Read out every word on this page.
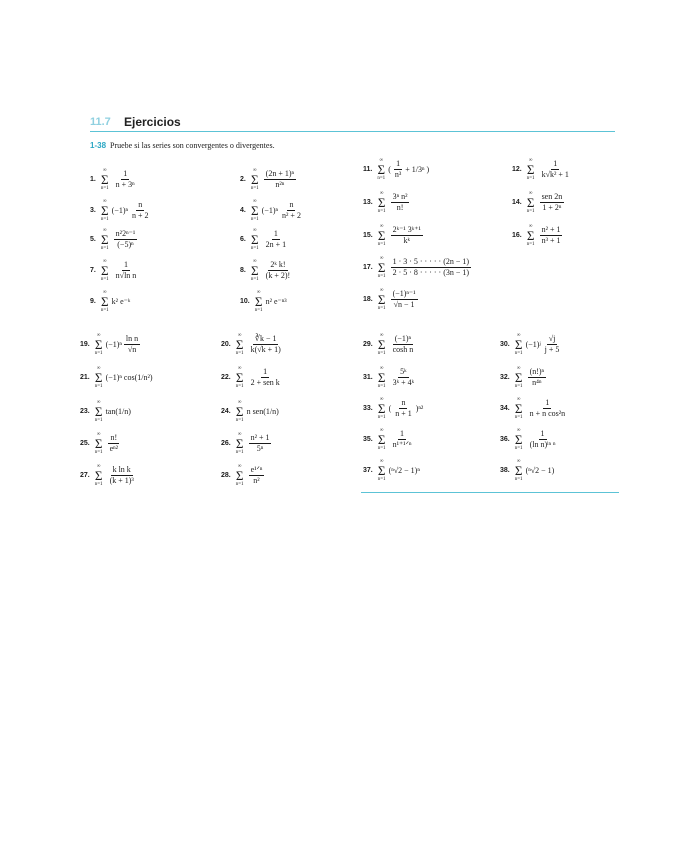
11.7 Ejercicios
1-38 Pruebe si las series son convergentes o divergentes.
1.
∞
Σ
$n=1 \frac{1}{\text{n + 3ⁿ}}$	2.
∞
Σ
$n=1 \frac{\text{(2n + 1)ⁿ}}{\text{n²ⁿ}}$
3.
∞
Σ
n=1
$(-1)^n \frac{n}{n + 2}$	4.
∞
Σ
n=1
$(-1)^n \frac{n}{\text{n² + 2}}$
5.
∞
Σ
$n=1 \frac{\text{n²2ⁿ⁻¹}}{\text{(−5)ⁿ}}$	6.
∞
Σ
$n=1 \frac{1}{2n + 1}$
7.
∞
Σ
$n=1 \frac{1}{\text{n√ln n}}$	8.
∞
Σ
$n=1 \frac{\text{2ᵏ k!}}{(k + 2)!}$
9.
∞
Σ
n=1
k² e⁻ᵏ	10.
∞
Σ
n=1
n² e⁻ⁿ³
11.
∞
Σ
n=1
( $\frac{1}{\text{n³}} + 1/3^n$ )	12.
∞
Σ
$n=1 \frac{1}{\text{k√k² + 1}}$
13.
∞
Σ
$n=1 \frac{\text{3ⁿ n²}}{n!}$	14.
∞
Σ
n=1
sen 2n
1 + 2ⁿ
15.
∞
Σ
$n=1 \frac{\text{2ᵏ⁻¹ 3ᵏ⁺¹}}{\text{kᵏ}}$	16.
∞
Σ
$n=1 \frac{\text{n² + 1}}{\text{n³ + 1}}$
17.
∞
Σ
$n=1 \frac{1 \cdot 3 \cdot 5 \cdot \cdot \cdot \cdot \cdot (2n - 1)}{2 \cdot 5 \cdot 8 \cdot \cdot \cdot \cdot \cdot (3n - 1)}$
18.
∞
Σ
$n=1 \frac{\text{(−1)ⁿ⁻¹}}{√n - 1}$
19.
∞
Σ
n=1
$(-1)^n \frac{\text{ln n}}{√n}$	20.
∞
Σ
$n=1 \frac{∛k - 1}{k(√k + 1)}$
21.
∞
Σ
n=1
(−1)ⁿ cos(1/n²)	22.
∞
Σ
n=1
1
2 + sen k
23.
∞
Σ
n=1
tan(1/n)	24.
∞
Σ
n=1
n sen(1/n)
25.
∞
Σ
$n=1 \frac{n!}{\text{eⁿ²}}$	26.
∞
Σ
$n=1 \frac{\text{n² + 1}}{\text{5ⁿ}}$
27.
∞
Σ
$n=1 \frac{\text{k ln k}}{\text{(k + 1)³}}$	28.
∞
Σ
n=1
e¹ᐟⁿ
n²
29.
∞
Σ
$n=1 \frac{\text{(−1)ⁿ}}{\text{cosh n}}$	30.
∞
Σ
n=1
(−1)ʲ $\frac{√j}{j + 5}$
31.
∞
Σ
$n=1 \frac{\text{5ᵏ}}{\text{3ᵏ + 4ᵏ}}$	32.
∞
Σ
$n=1 \frac{\text{(n!)ⁿ}}{\text{n⁴ⁿ}}$
33.
∞
Σ
n=1
( $\frac{n}{n + 1} )^{n2}$	34.
∞
Σ
$n=1 \frac{1}{\text{n + n cos²n}}$
35.
∞
Σ
n=1
1
n¹⁺¹ᐟⁿ
36.
∞
Σ
$n=1 \frac{1}{\text{(ln n)ˡⁿ ⁿ}}$
37.
∞
Σ
n=1
(ⁿ√2 − 1)ⁿ	38.
∞
Σ
n=1
(ⁿ√2 − 1)
